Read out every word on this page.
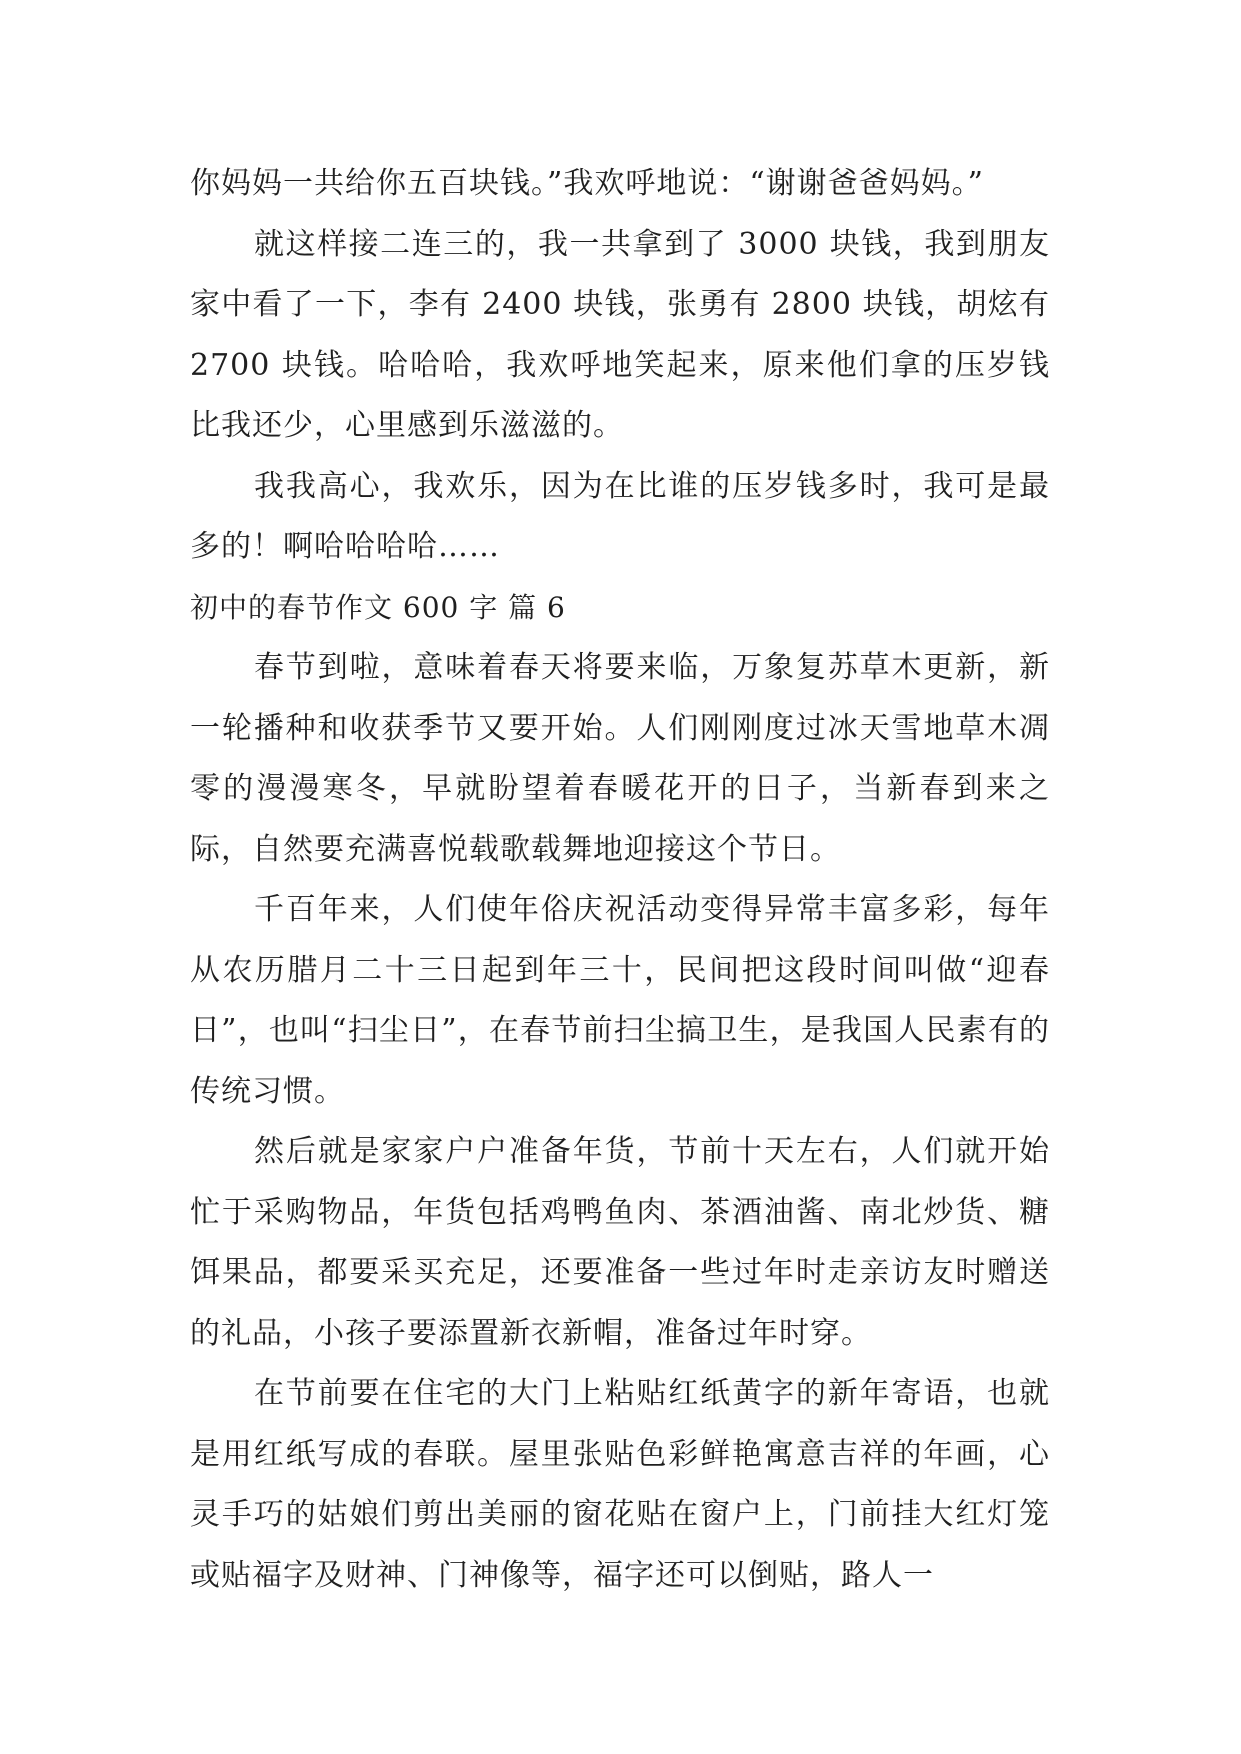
你妈妈一共给你五百块钱。”我欢呼地说：“谢谢爸爸妈妈。”

就这样接二连三的，我一共拿到了 3000 块钱，我到朋友家中看了一下，李有 2400 块钱，张勇有 2800 块钱，胡炫有 2700 块钱。哈哈哈，我欢呼地笑起来，原来他们拿的压岁钱比我还少，心里感到乐滋滋的。

我我高心，我欢乐，因为在比谁的压岁钱多时，我可是最多的！啊哈哈哈哈……

初中的春节作文 600 字 篇 6

春节到啦，意味着春天将要来临，万象复苏草木更新，新一轮播种和收获季节又要开始。人们刚刚度过冰天雪地草木凋零的漫漫寒冬，早就盼望着春暖花开的日子，当新春到来之际，自然要充满喜悦载歌载舞地迎接这个节日。

千百年来，人们使年俗庆祝活动变得异常丰富多彩，每年从农历腊月二十三日起到年三十，民间把这段时间叫做“迎春日”，也叫“扫尘日”，在春节前扫尘搞卫生，是我国人民素有的传统习惯。

然后就是家家户户准备年货，节前十天左右，人们就开始忙于采购物品，年货包括鸡鸭鱼肉、茶酒油酱、南北炒货、糖饵果品，都要采买充足，还要准备一些过年时走亲访友时赠送的礼品，小孩子要添置新衣新帽，准备过年时穿。

在节前要在住宅的大门上粘贴红纸黄字的新年寄语，也就是用红纸写成的春联。屋里张贴色彩鲜艳寓意吉祥的年画，心灵手巧的姑娘们剪出美丽的窗花贴在窗户上，门前挂大红灯笼或贴福字及财神、门神像等，福字还可以倒贴，路人一
